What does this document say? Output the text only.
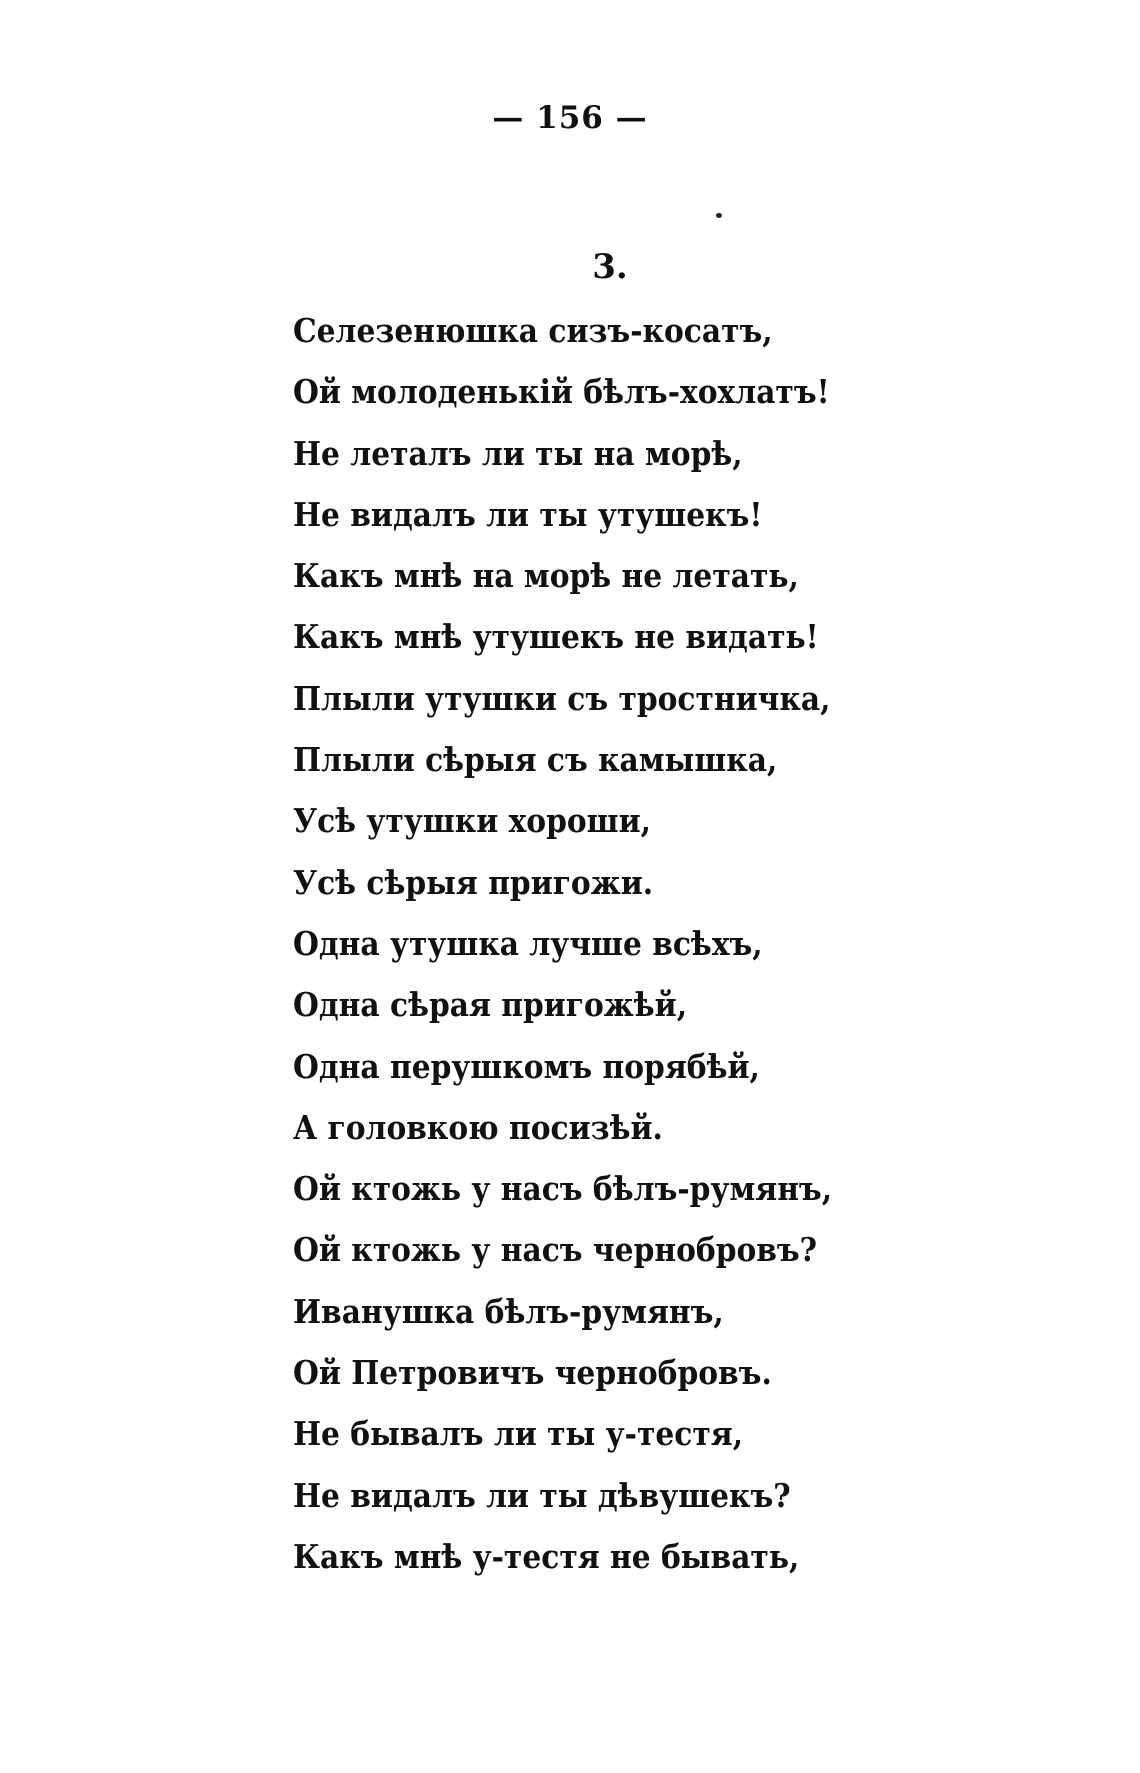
— 156 —
3.
Селезенюшка сизъ-косатъ,
Ой молоденькій бѣлъ-хохлатъ!
Не леталъ ли ты на морѣ,
Не видалъ ли ты утушекъ!
Какъ мнѣ на морѣ не летать,
Какъ мнѣ утушекъ не видать!
Плыли утушки съ тростничка,
Плыли сѣрыя съ камышка,
Усѣ утушки хороши,
Усѣ сѣрыя пригожи.
Одна утушка лучше всѣхъ,
Одна сѣрая пригожѣй,
Одна перушкомъ порябѣй,
А головкою посизѣй.
Ой ктожь у насъ бѣлъ-румянъ,
Ой ктожь у насъ чернобровъ?
Иванушка бѣлъ-румянъ,
Ой Петровичъ чернобровъ.
Не бывалъ ли ты у-тестя,
Не видалъ ли ты дѣвушекъ?
Какъ мнѣ у-тестя не бывать,
